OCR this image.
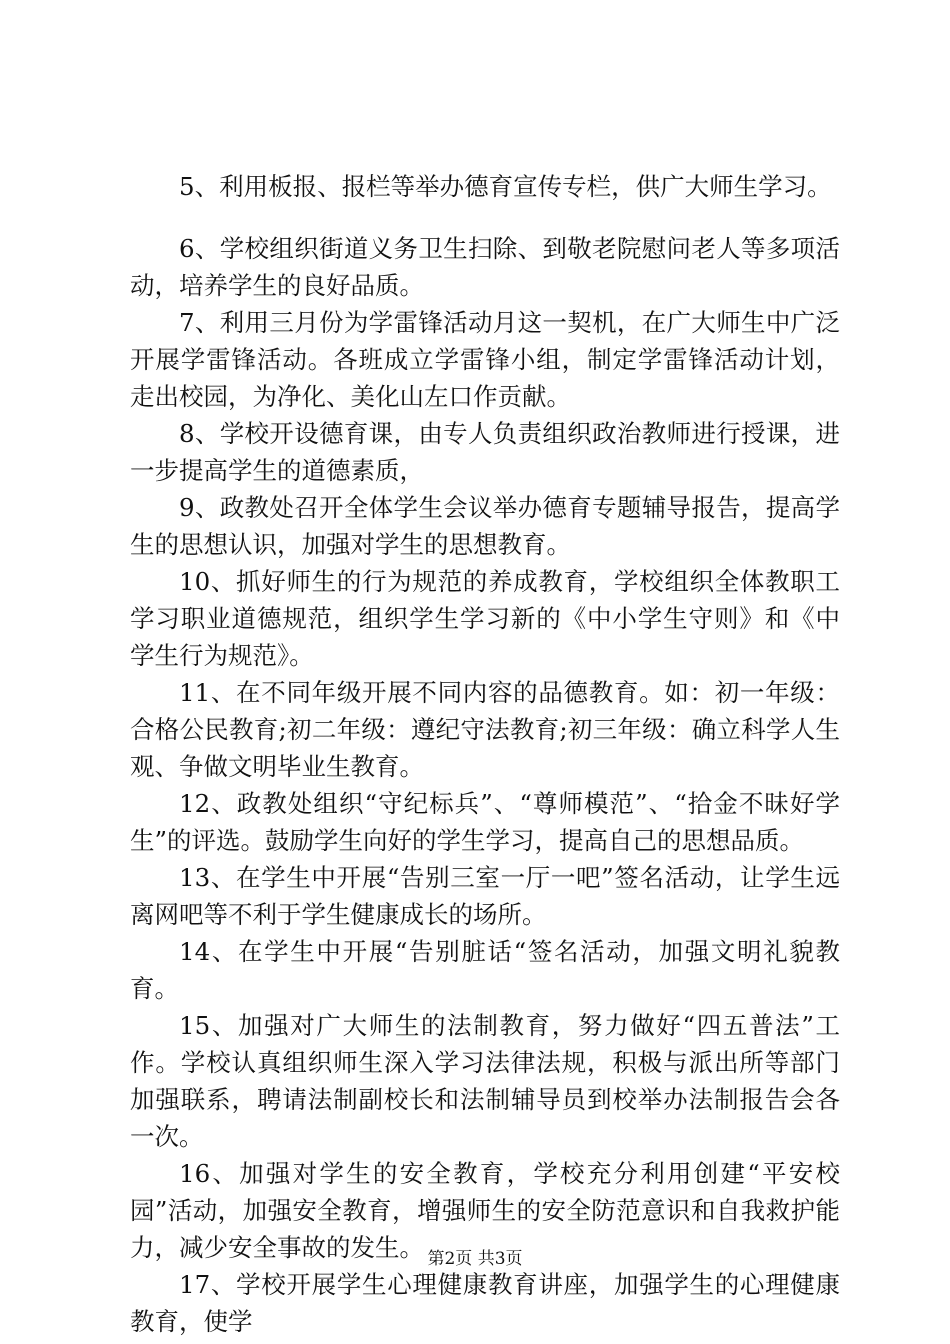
5、利用板报、报栏等举办德育宣传专栏，供广大师生学习。

6、学校组织街道义务卫生扫除、到敬老院慰问老人等多项活动，培养学生的良好品质。

7、利用三月份为学雷锋活动月这一契机，在广大师生中广泛开展学雷锋活动。各班成立学雷锋小组，制定学雷锋活动计划，走出校园，为净化、美化山左口作贡献。

8、学校开设德育课，由专人负责组织政治教师进行授课，进一步提高学生的道德素质，

9、政教处召开全体学生会议举办德育专题辅导报告，提高学生的思想认识，加强对学生的思想教育。

10、抓好师生的行为规范的养成教育，学校组织全体教职工学习职业道德规范，组织学生学习新的《中小学生守则》和《中学生行为规范》。

11、在不同年级开展不同内容的品德教育。如：初一年级：合格公民教育;初二年级：遵纪守法教育;初三年级：确立科学人生观、争做文明毕业生教育。

12、政教处组织“守纪标兵”、“尊师模范”、“拾金不昧好学生”的评选。鼓励学生向好的学生学习，提高自己的思想品质。

13、在学生中开展“告别三室一厅一吧”签名活动，让学生远离网吧等不利于学生健康成长的场所。

14、在学生中开展“告别脏话“签名活动，加强文明礼貌教育。

15、加强对广大师生的法制教育，努力做好“四五普法”工作。学校认真组织师生深入学习法律法规，积极与派出所等部门加强联系，聘请法制副校长和法制辅导员到校举办法制报告会各一次。

16、加强对学生的安全教育，学校充分利用创建“平安校园”活动，加强安全教育，增强师生的安全防范意识和自我救护能力，减少安全事故的发生。

17、学校开展学生心理健康教育讲座，加强学生的心理健康教育，使学

第2页 共3页
